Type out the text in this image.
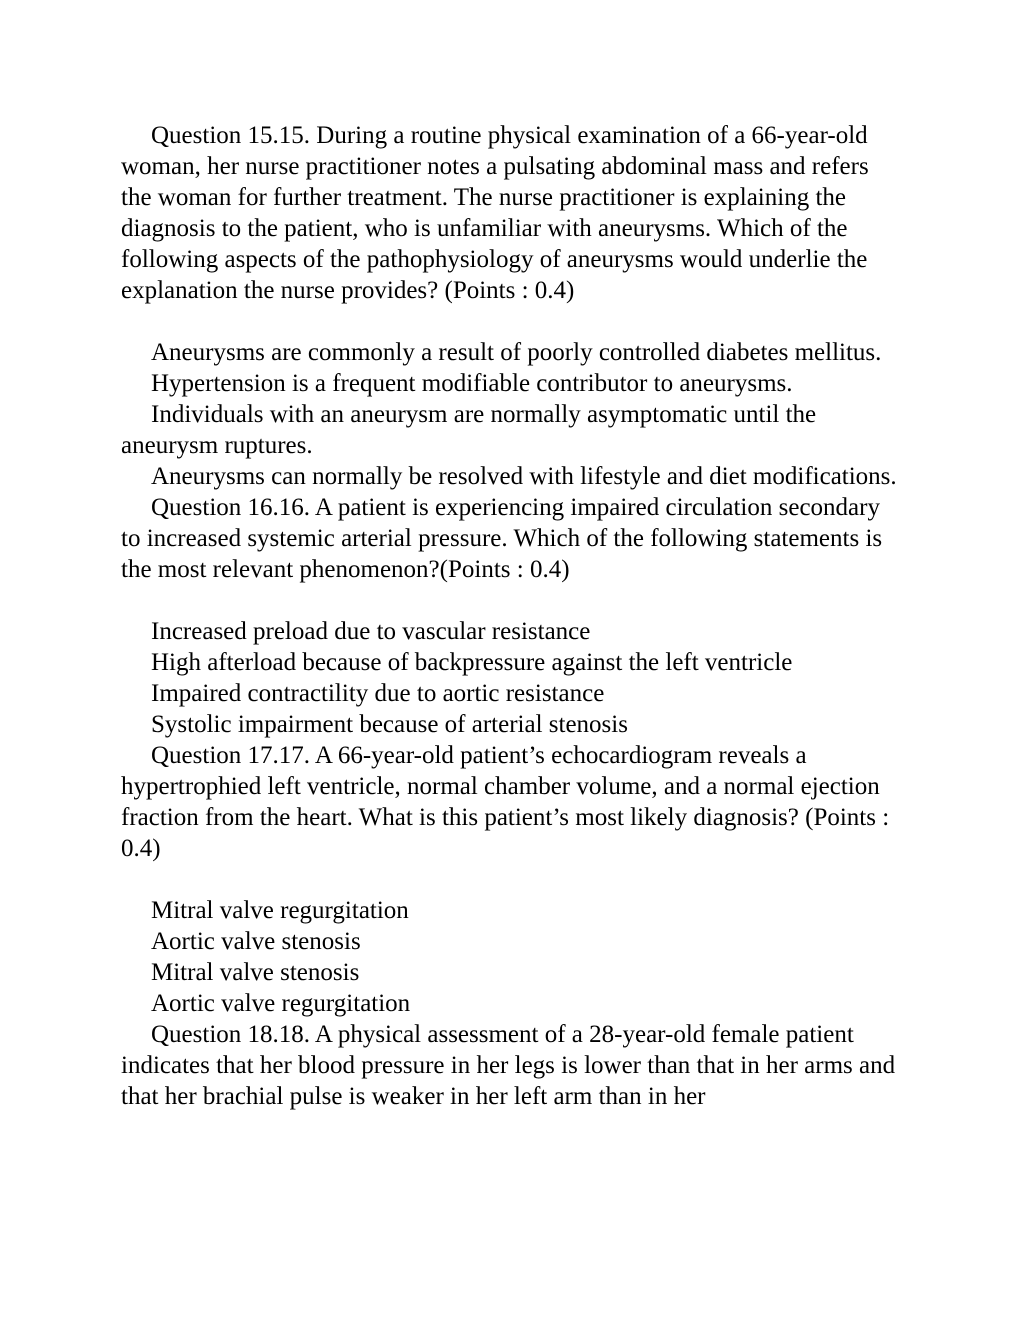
Question 15.15. During a routine physical examination of a 66-year-old woman, her nurse practitioner notes a pulsating abdominal mass and refers the woman for further treatment. The nurse practitioner is explaining the diagnosis to the patient, who is unfamiliar with aneurysms. Which of the following aspects of the pathophysiology of aneurysms would underlie the  explanation the nurse provides? (Points : 0.4)

Aneurysms are commonly a result of poorly controlled diabetes mellitus.

Hypertension is a frequent modifiable contributor to aneurysms.

Individuals with an aneurysm are normally asymptomatic until the aneurysm ruptures.

Aneurysms can normally be resolved with lifestyle and diet modifications.

Question 16.16. A patient is experiencing impaired circulation secondary to increased systemic arterial pressure. Which of the following statements is the most relevant phenomenon?(Points : 0.4)

Increased preload due to vascular resistance

High afterload because of backpressure against the left ventricle

Impaired contractility due to aortic resistance

Systolic impairment because of arterial stenosis

Question 17.17. A 66-year-old patient’s echocardiogram reveals a hypertrophied left ventricle, normal chamber volume, and a normal ejection fraction from the heart. What is this patient’s most likely diagnosis? (Points : 0.4)

Mitral valve regurgitation

Aortic valve stenosis

Mitral valve stenosis

Aortic valve regurgitation

Question 18.18. A physical assessment of a 28-year-old female patient indicates that her blood pressure in her legs is lower than that in her arms and that her brachial pulse is weaker in her left arm than in her
